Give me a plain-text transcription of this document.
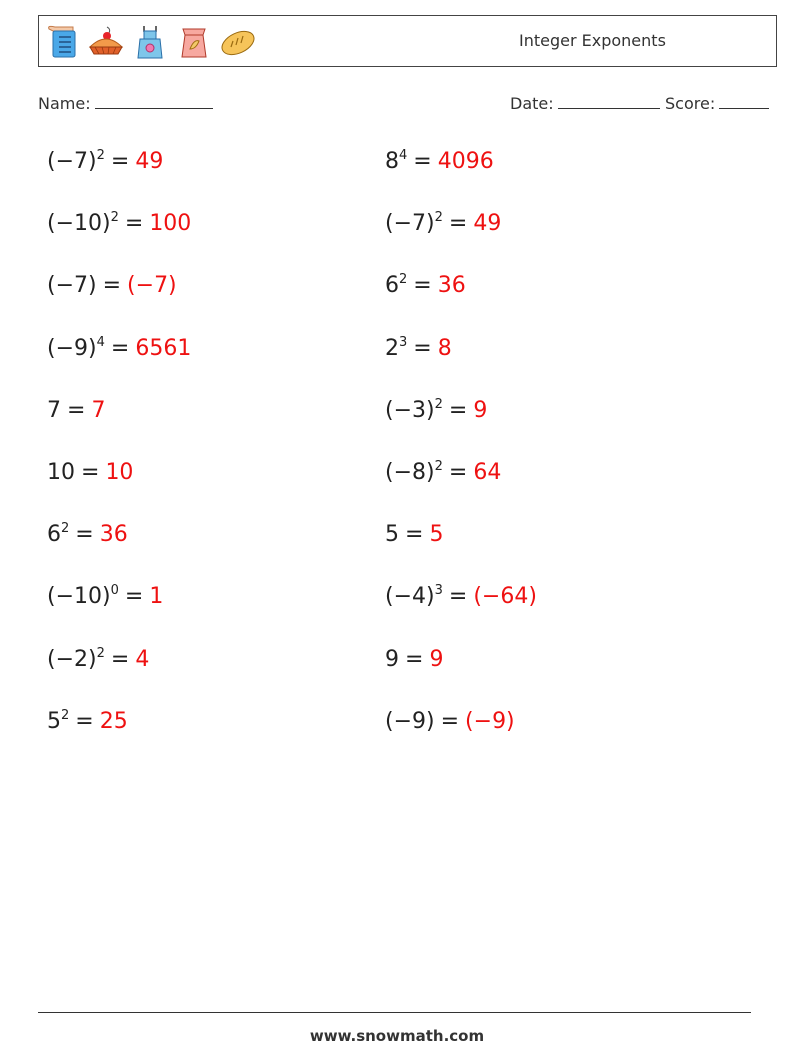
Integer Exponents
Name:	Date:	Score:
$(-7)^2 = 49$
$(-10)^2 = 100$
(−7) = (−7)
$(-9)^4 = 6561$
7 = 7
10 = 10
$6^2 = 36$
$(-10)^0 = 1$
$(-2)^2 = 4$
$5^2 = 25$
$8^4 = 4096$
$(-7)^2 = 49$
$6^2 = 36$
$2^3 = 8$
$(-3)^2 = 9$
$(-8)^2 = 64$
5 = 5
$(-4)^3 = (-64)$
9 = 9
(−9) = (−9)
www.snowmath.com
